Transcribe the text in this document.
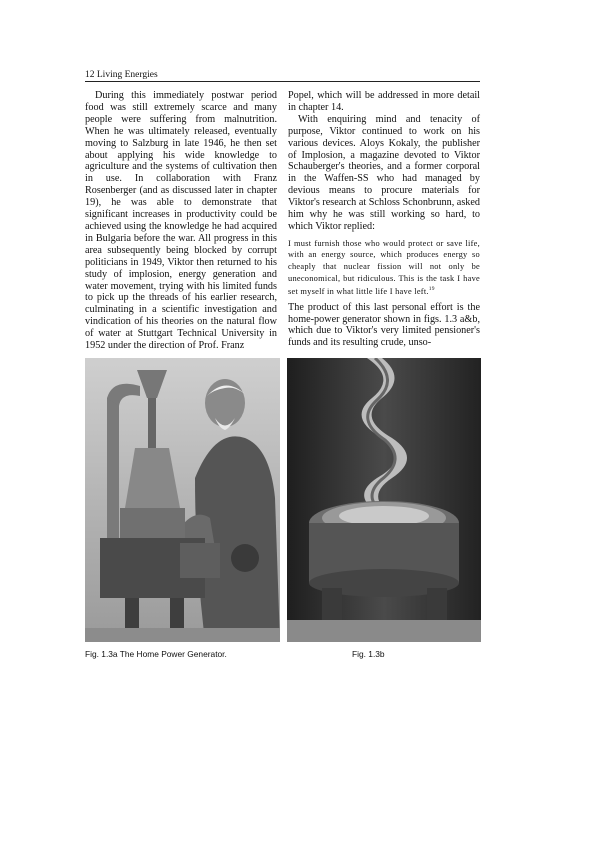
12 Living Energies

During this immediately postwar period food was still extremely scarce and many people were suffering from malnutrition. When he was ultimately released, eventually moving to Salzburg in late 1946, he then set about applying his wide knowledge to agriculture and the systems of cultivation then in use. In collaboration with Franz Rosenberger (and as discussed later in chapter 19), he was able to demonstrate that significant increases in productivity could be achieved using the knowledge he had acquired in Bulgaria before the war. All progress in this area subsequently being blocked by corrupt politicians in 1949, Viktor then returned to his study of implosion, energy generation and water movement, trying with his limited funds to pick up the threads of his earlier research, culminating in a scientific investigation and vindication of his theories on the natural flow of water at Stuttgart Technical University in 1952 under the direction of Prof. Franz

Popel, which will be addressed in more detail in chapter 14.

With enquiring mind and tenacity of purpose, Viktor continued to work on his various devices. Aloys Kokaly, the publisher of Implosion, a magazine devoted to Viktor Schauberger's theories, and a former corporal in the Waffen-SS who had managed by devious means to procure materials for Viktor's research at Schloss Schonbrunn, asked him why he was still working so hard, to which Viktor replied:

I must furnish those who would protect or save life, with an energy source, which produces energy so cheaply that nuclear fission will not only be uneconomical, but ridiculous. This is the task I have set myself in what little life I have left.$^{19}$

The product of this last personal effort is the home-power generator shown in figs. 1.3 a&b, which due to Viktor's very limited pensioner's funds and its resulting crude, unso-

Fig. 1.3a The Home Power Generator.	Fig. 1.3b
